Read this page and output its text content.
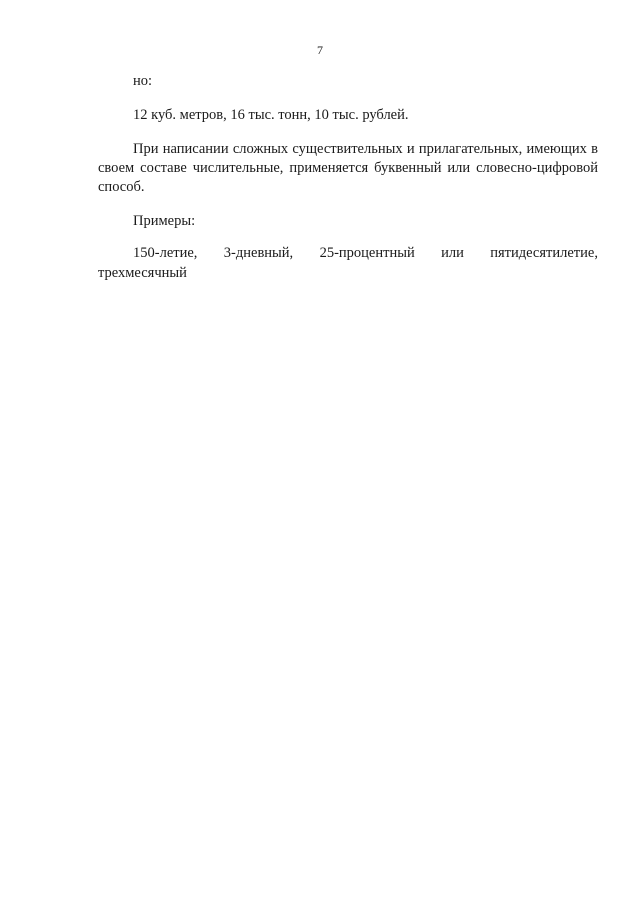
7
но:
12 куб. метров, 16 тыс. тонн, 10 тыс. рублей.
При написании сложных существительных и прилагательных, имеющих в своем составе числительные, применяется буквенный или словесно-цифровой способ.
Примеры:
150-летие, 3-дневный, 25-процентный или пятидесятилетие,
трехмесячный
